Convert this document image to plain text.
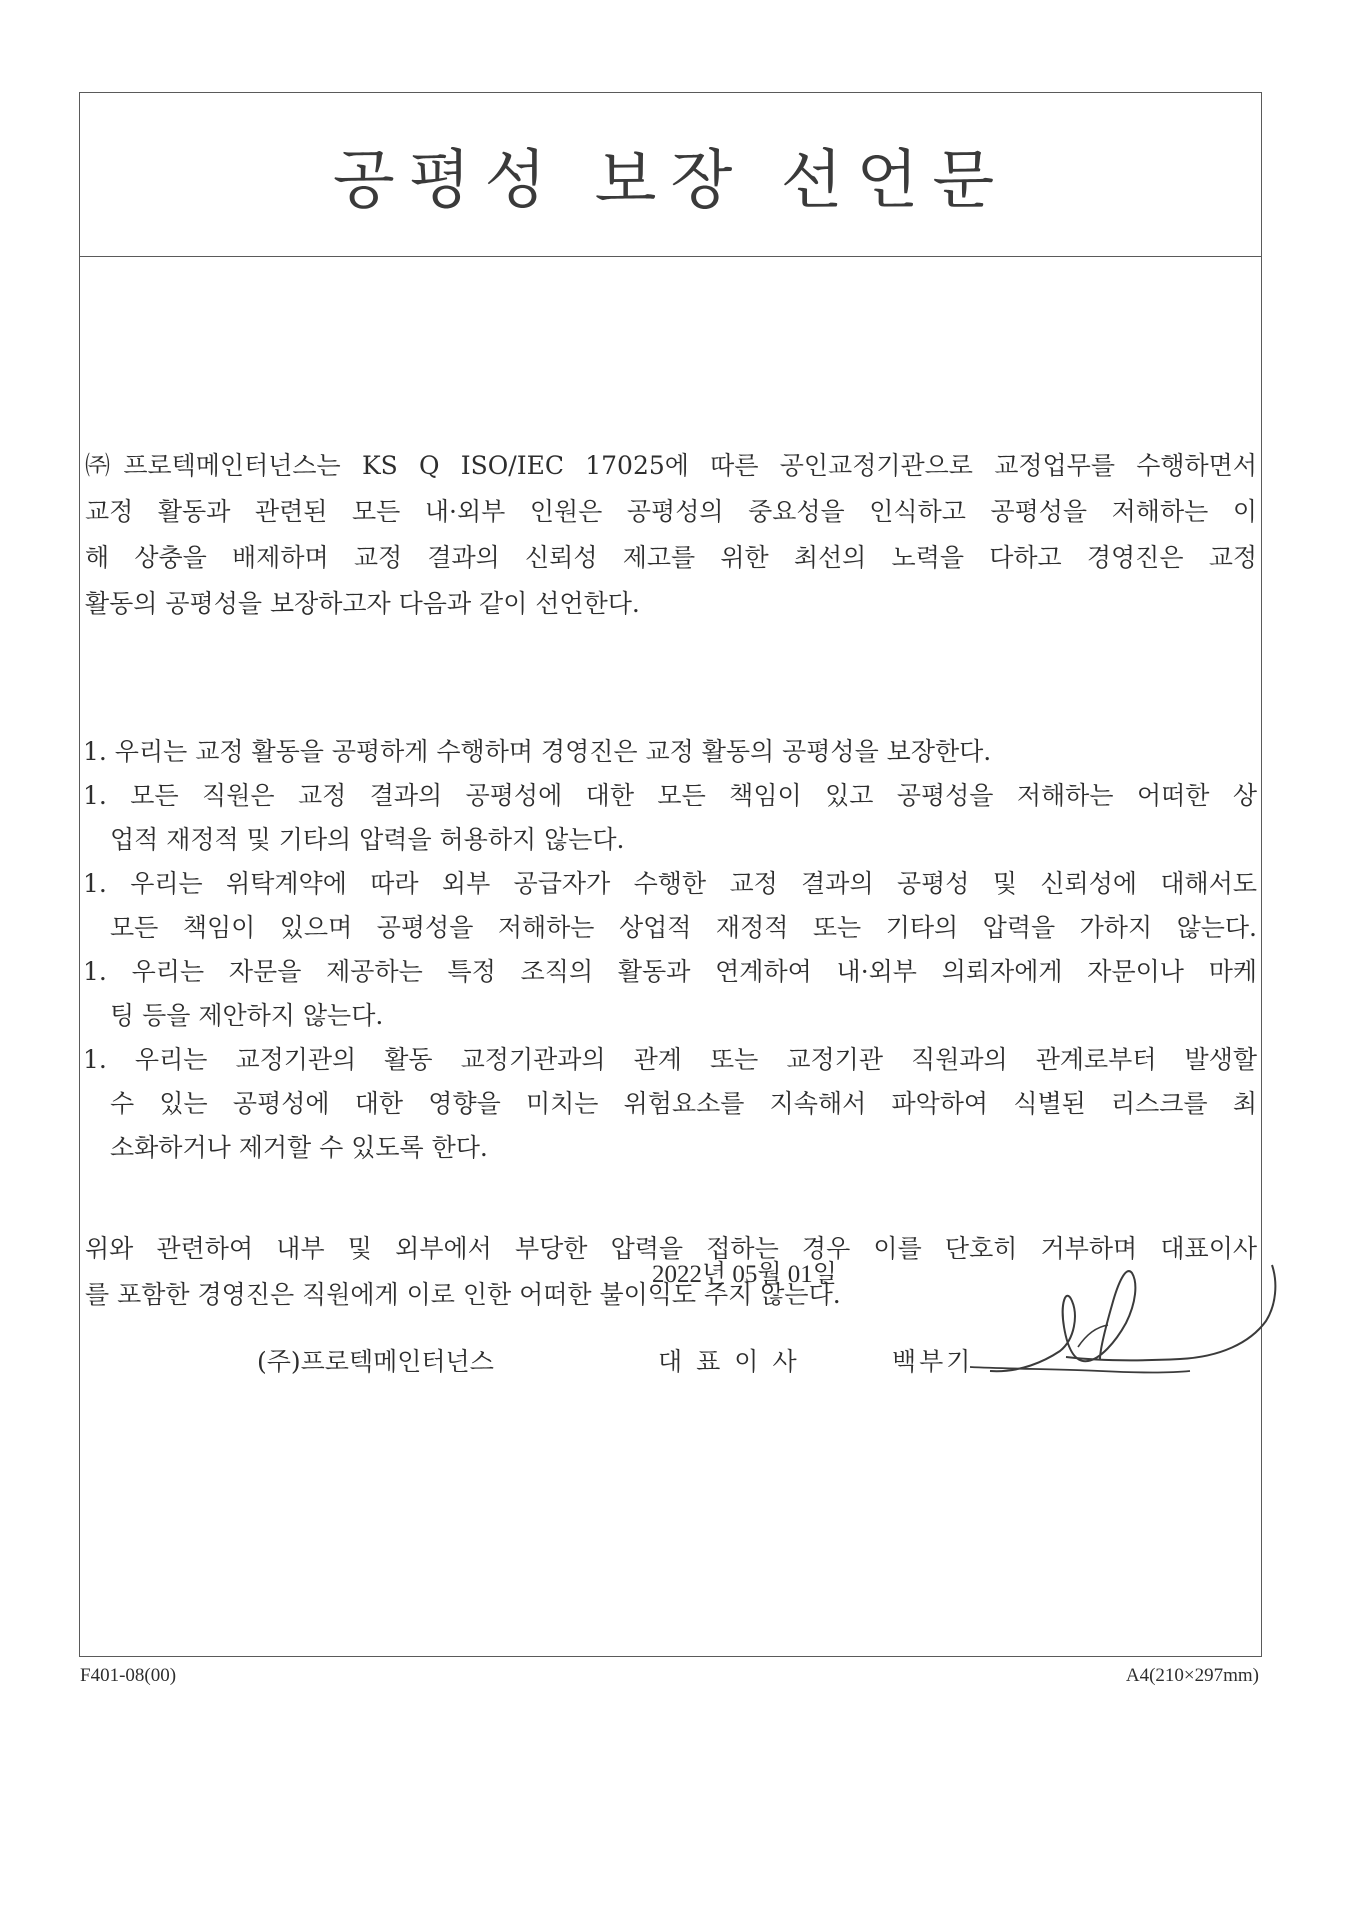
공평성 보장 선언문
㈜프로텍메인터넌스는 KS Q ISO/IEC 17025에 따른 공인교정기관으로 교정업무를 수행하면서
교정 활동과 관련된 모든 내·외부 인원은 공평성의 중요성을 인식하고 공평성을 저해하는 이
해 상충을 배제하며 교정 결과의 신뢰성 제고를 위한 최선의 노력을 다하고 경영진은 교정
활동의 공평성을 보장하고자 다음과 같이 선언한다.
1. 우리는 교정 활동을 공평하게 수행하며 경영진은 교정 활동의 공평성을 보장한다.
1. 모든 직원은 교정 결과의 공평성에 대한 모든 책임이 있고 공평성을 저해하는 어떠한 상
업적 재정적 및 기타의 압력을 허용하지 않는다.
1. 우리는 위탁계약에 따라 외부 공급자가 수행한 교정 결과의 공평성 및 신뢰성에 대해서도
모든 책임이 있으며 공평성을 저해하는 상업적 재정적 또는 기타의 압력을 가하지 않는다.
1. 우리는 자문을 제공하는 특정 조직의 활동과 연계하여 내·외부 의뢰자에게 자문이나 마케
팅 등을 제안하지 않는다.
1. 우리는 교정기관의 활동 교정기관과의 관계 또는 교정기관 직원과의 관계로부터 발생할
수 있는 공평성에 대한 영향을 미치는 위험요소를 지속해서 파악하여 식별된 리스크를 최
소화하거나 제거할 수 있도록 한다.
위와 관련하여 내부 및 외부에서 부당한 압력을 접하는 경우 이를 단호히 거부하며 대표이사
를 포함한 경영진은 직원에게 이로 인한 어떠한 불이익도 주지 않는다.
2022년 05월 01일
(주)프로텍메인터넌스	대표이사	백부기
F401-08(00)	A4(210×297mm)
